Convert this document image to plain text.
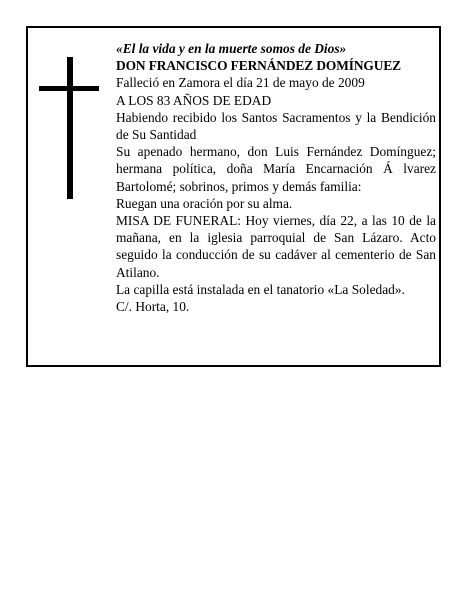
«El la vida y en la muerte somos de Dios»
DON FRANCISCO FERNÁNDEZ DOMÍNGUEZ
Falleció en Zamora el día 21 de mayo de 2009
A LOS 83 AÑOS DE EDAD
Habiendo recibido los Santos Sacramentos y la Bendición de Su Santidad
Su apenado hermano, don Luis Fernández Domínguez; hermana política, doña María Encarnación Á lvarez Bartolomé; sobrinos, primos y demás familia:
Ruegan una oración por su alma.
MISA DE FUNERAL: Hoy viernes, día 22, a las 10 de la mañana, en la iglesia parroquial de San Lázaro. Acto seguido la conducción de su cadáver al cementerio de San Atilano.
La capilla está instalada en el tanatorio «La Soledad».
C/. Horta, 10.
